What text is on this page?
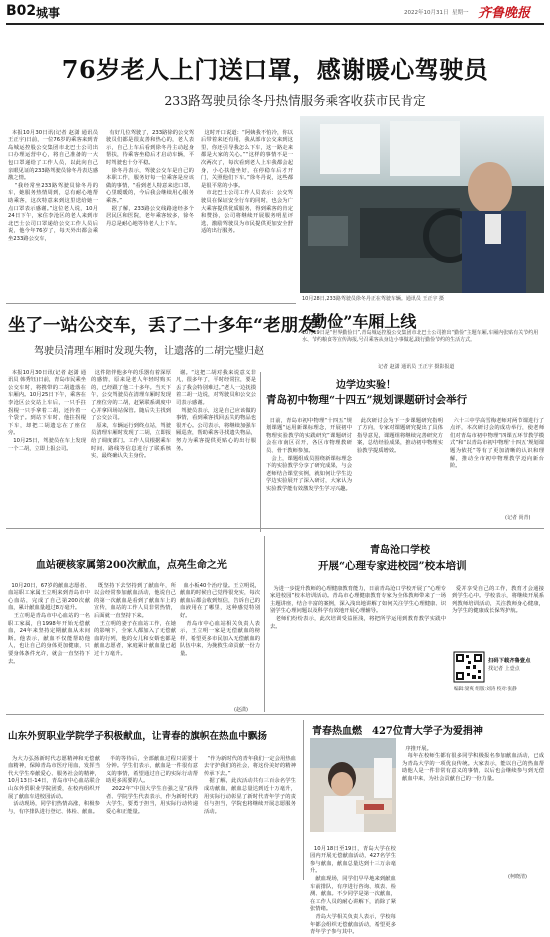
B02 城事	2022年10月31日 星期一 齐鲁晚报
76岁老人上门送口罩，感谢暖心驾驶员
233路驾驶员徐冬丹热情服务乘客收获市民肯定

本报10月30日讯(记者 赵潇 通讯员 王正宇)日前，一位76岁的乘客来到青岛城运控股公交集团市北巴士公司出口办理运营中心，将自己准备的一大包口罩递给了工作人员，以此向自己亲眼见证的233路驾驶员徐冬丹表达感激之情。
“我经常坐233路驾驶员徐冬丹的车，她服务热情周到，总有耐心地帮助乘客，这次特意来到这里送给她一点口罩表示感谢。”这位老人说，10月24日下午，家住李沧区的老人来到市北巴士公司口罩递给公交工作人员后说，他今年76岁了，每天外出都会乘坐233路公交车，

有好几位驾驶了，233路徐的公交驾驶员们都是很友善和热心的，老人表示，自己上车后看到徐冬丹主动起身帮扶，待乘客坐稳后才启动车辆，平时驾驶也十分平稳。
徐冬丹表示，驾驶公交车是自己的本职工作，服务好每一位乘客是应该做的事情，“看到老人特意来送口罩，心里暖暖的，今后我会继续用心服务乘客。”
据了解，233路公交线路途经多个居民区和医院，老年乘客较多，徐冬丹总是耐心地等待老人上下车。

这时开口说道：“阿姨我不怕冷，你以后带着来还有用，我从部市公交来到这里，你还引导我怎么下车，这一路走来都是大家的关心。”“这样的事情不是一次两次了，每次看到老人上车我都会起身，小心扶他坐好，在停稳车后才开门，关照他们下车。”徐冬丹说，这些都是很平常的小事。
市北巴士公司工作人员表示：公交驾驶员在保证安全行车的同时，也会为广大乘客提供优质服务，得到乘客的肯定和赞扬，公司将继续开展服务明星评选，激励驾驶员为市民提供更加安全舒适的出行服务。

10月28日,233路驾驶员徐冬丹正在驾驶车辆。通讯员 王正宇 摄
“勤俭”车厢上线
10月19日是“世界勤俭日”,青岛城运控股公交集团市北巴士公司推出“勤俭”主题车厢,车厢内张贴有关节约用水、节约粮食等宣传海报,号召乘客从身边小事做起,践行勤俭节约的生活方式。
记者 赵潇 通讯员 王正宇 摄影报道
坐了一站公交车，丢了二十多年“老朋友”
驾驶员清理车厢时发现失物，让遗落的二胡完璧归赵

本报10月30日讯(记者 赵潇 通讯员 韩秀钰)日前，青岛市民乘坐公交车时，将携带的二胡遗落在车厢内。10月25日下午，乘客在李沧区公交站上车后，一只手拄拐棍一只手拿着二胡，还拎着一个袋子。到站下车时，他拄拐棍下车，却把二胡遗忘在了座位旁。
10月25日，驾驶员在车上发现一个二胡，立即上报公司。

这件陪伴他多年的乐器有着深厚的感情，原来是老人年轻时购买的，已经跟了他二十多年。当天下午，公交驾驶员在清理车厢时发现了座位旁的二胡，赶紧联系调度中心并拿回场站保管。随后失主找到了公交公司。
原来，车辆运行到终点站，驾驶员清理车厢时发现了二胡，立即报给了调度部门。工作人员根据乘车时间、路线等信息进行了联系核实，最终确认失主身份。

谢。“这把二胡对我来说意义非凡，很多年了，平时经常拉，要是丢了我会特别难过。”老人一边抚摸着二胡一边说，对驾驶员和公交公司表示感谢。
驾驶员表示，这是自己应该做的事情，看到乘客找回丢失的物品也很开心。公司表示，将继续加强车厢巡查，帮助乘客寻找遗失物品，努力为乘客提供更贴心的出行服务。

边学边实验！
青岛初中物理“十四五”规划课题研讨会举行

日前，青岛市初中物理“十四五”规划课题“运用新课标理念，开展初中物理实验教学的实践研究”课题研讨会在市南区召开，各区市物理教研员、骨干教师参加。
会上，课题组成员围绕新课标理念下的实验教学分享了研究成果，与会老师结合课堂实例，就如何让学生边学边实验展开了深入研讨，大家认为实验教学能有效激发学生学习兴趣。

此次研讨会为下一步课题研究指明了方向，专家对课题研究提出了具体指导意见，课题组将继续完善研究方案，总结经验成果，推动初中物理实验教学提质增效。

六十三中学高雪梅老师对两节课进行了点评，本次研讨会的成功举行，使老师们对青岛市初中物理“四课五环节教学模式”和“以青岛市初中物理‘十四五’规划课题为依托”等有了更加清晰的认识和理解，推动全市初中物理教学迈向新台阶。

(记者 尚青)
血站硬核家属第200次献血，点亮生命之光

10月20日，67岁的献血志愿者、血站职工家属王立明来到青岛市中心血站，完成了自己第200次献血，累计献血量超过8万毫升。
王立明是青岛市中心血站的一名职工家属，自1998年开始无偿献血，24年来坚持定期献血从未间断。他表示，献血不仅能帮助他人，也让自己的身体更加健康，只要身体条件允许，就会一直坚持下去。

既坚持下去坚持到了献血年，所以会经常参加献血活动，他说自己的第一次献血是看到了献血车上的宣传，血站的工作人员非常热情，后面就一直坚持下来。
王立明的妻子在血站工作，在她的影响下，全家人都加入了无偿献血的行列，他的女儿和女婿也都是献血志愿者，家庭累计献血量已超过十万毫升。

血小板40个治疗量。王立明说，献血的时候自己觉得很充实，每次献血后都会收到短信，告诉自己的血液用在了哪里，这种感觉特别好。
青岛市中心血站相关负责人表示，王立明一家是无偿献血的榜样，希望更多市民加入无偿献血的队伍中来，为挽救生命贡献一份力量。

(赵潇)
青岛沧口学校
开展“心理专家进校园”校本培训

为进一步提升教师的心理健康教育能力，日前青岛沧口学校开展了“心理专家进校园”校本培训活动。青岛市心理健康教育专家为全体教师带来了一场主题讲座，结合丰富的案例，深入浅出地讲解了如何关注学生心理健康、识别学生心理问题以及科学有效地开展心理辅导。
老师们纷纷表示，此次培训受益匪浅，将把所学运用到教育教学实践中去。

爱并享受自己的工作，教育才会通接到学生心中。学校表示，将继续开展系列教师培训活动，关注教师身心健康，为学生的健康成长保驾护航。

扫码下载齐鲁壹点
找记者 上壹点
编辑:梁爽 组版:刘涛 校对:张静
山东外贸职业学院学子积极献血，让青春的旗帜在热血中飘扬

为大力弘扬新时代志愿精神和无偿献血精神，保障青岛市医疗用血，发挥当代大学生奉献爱心、服务社会的精神，10月13日-14日，青岛市中心血站联合山东外贸职业学院团委，在校内组织开展了献血车进校园活动。
活动现场，同学们热情高涨，积极参与，有序排队进行登记、体检、献血。

半的等待后，全部献血过程只需要十分钟。学生们表示，献血是一件很有意义的事情，希望通过自己的实际行动帮助更多需要的人。
2022年“中国大学生自强之星”获得者、学院学生代表表示，作为新时代的大学生，要勇于担当，用实际行动传递爱心和正能量。

“作为新时代的青年我们一定会用热血去守护我们的社会，将这份美好的精神传承下去。”
据了解，此次活动共有三百余名学生成功献血，献血总量达到近十万毫升，用实际行动彰显了新时代青年学子的责任与担当，学院也将继续开展志愿服务活动。

青春热血燃　427位青大学子为爱捐神

10月18日至19日，青岛大学在校园内开展无偿献血活动，427名学生参与献血，献血总量达到十三万余毫升。
献血现场，同学们早早地来到献血车前排队，有序进行咨询、填表、检测、献血。不少同学是第一次献血，在工作人员的耐心讲解下，消除了紧张情绪。
青岛大学相关负责人表示，学校每年都会组织无偿献血活动，希望更多青年学子参与其中。

序推开展。
每年在校师生都有很多同学积极报名参加献血活动，已成为青岛大学的一项优良传统。大家表示，能以自己的热血帮助他人是一件非常有意义的事情，以后也会继续参与到无偿献血中来，为社会贡献自己的一份力量。

(柯晓清)
